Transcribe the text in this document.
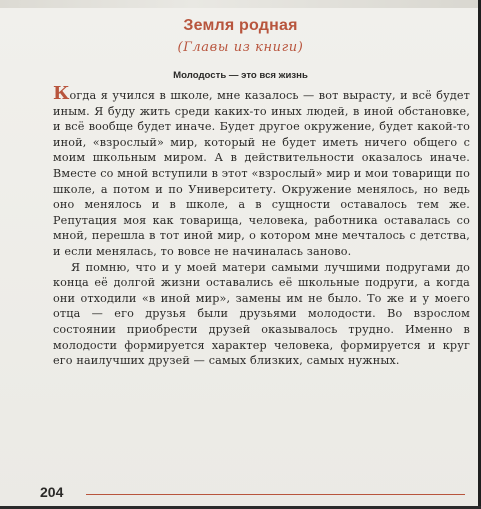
Земля родная
(Главы из книги)
Молодость — это вся жизнь

Когда я учился в школе, мне казалось — вот вырасту, и всё будет иным. Я буду жить среди каких-то иных людей, в иной обстановке, и всё вообще будет иначе. Будет другое окружение, будет какой-то иной, «взрослый» мир, который не будет иметь ничего общего с моим школьным миром. А в действительности оказалось иначе. Вместе со мной вступили в этот «взрослый» мир и мои товарищи по школе, а потом и по Университету. Окружение менялось, но ведь оно менялось и в школе, а в сущности оставалось тем же. Репутация моя как товарища, человека, работника оставалась со мной, перешла в тот иной мир, о котором мне мечталось с детства, и если менялась, то вовсе не начиналась заново.

Я помню, что и у моей матери самыми лучшими подругами до конца её долгой жизни оставались её школьные подруги, а когда они отходили «в иной мир», замены им не было. То же и у моего отца — его друзья были друзьями молодости. Во взрослом состоянии приобрести друзей оказывалось трудно. Именно в молодости формируется характер человека, формируется и круг его наилучших друзей — самых близких, самых нужных.

204
